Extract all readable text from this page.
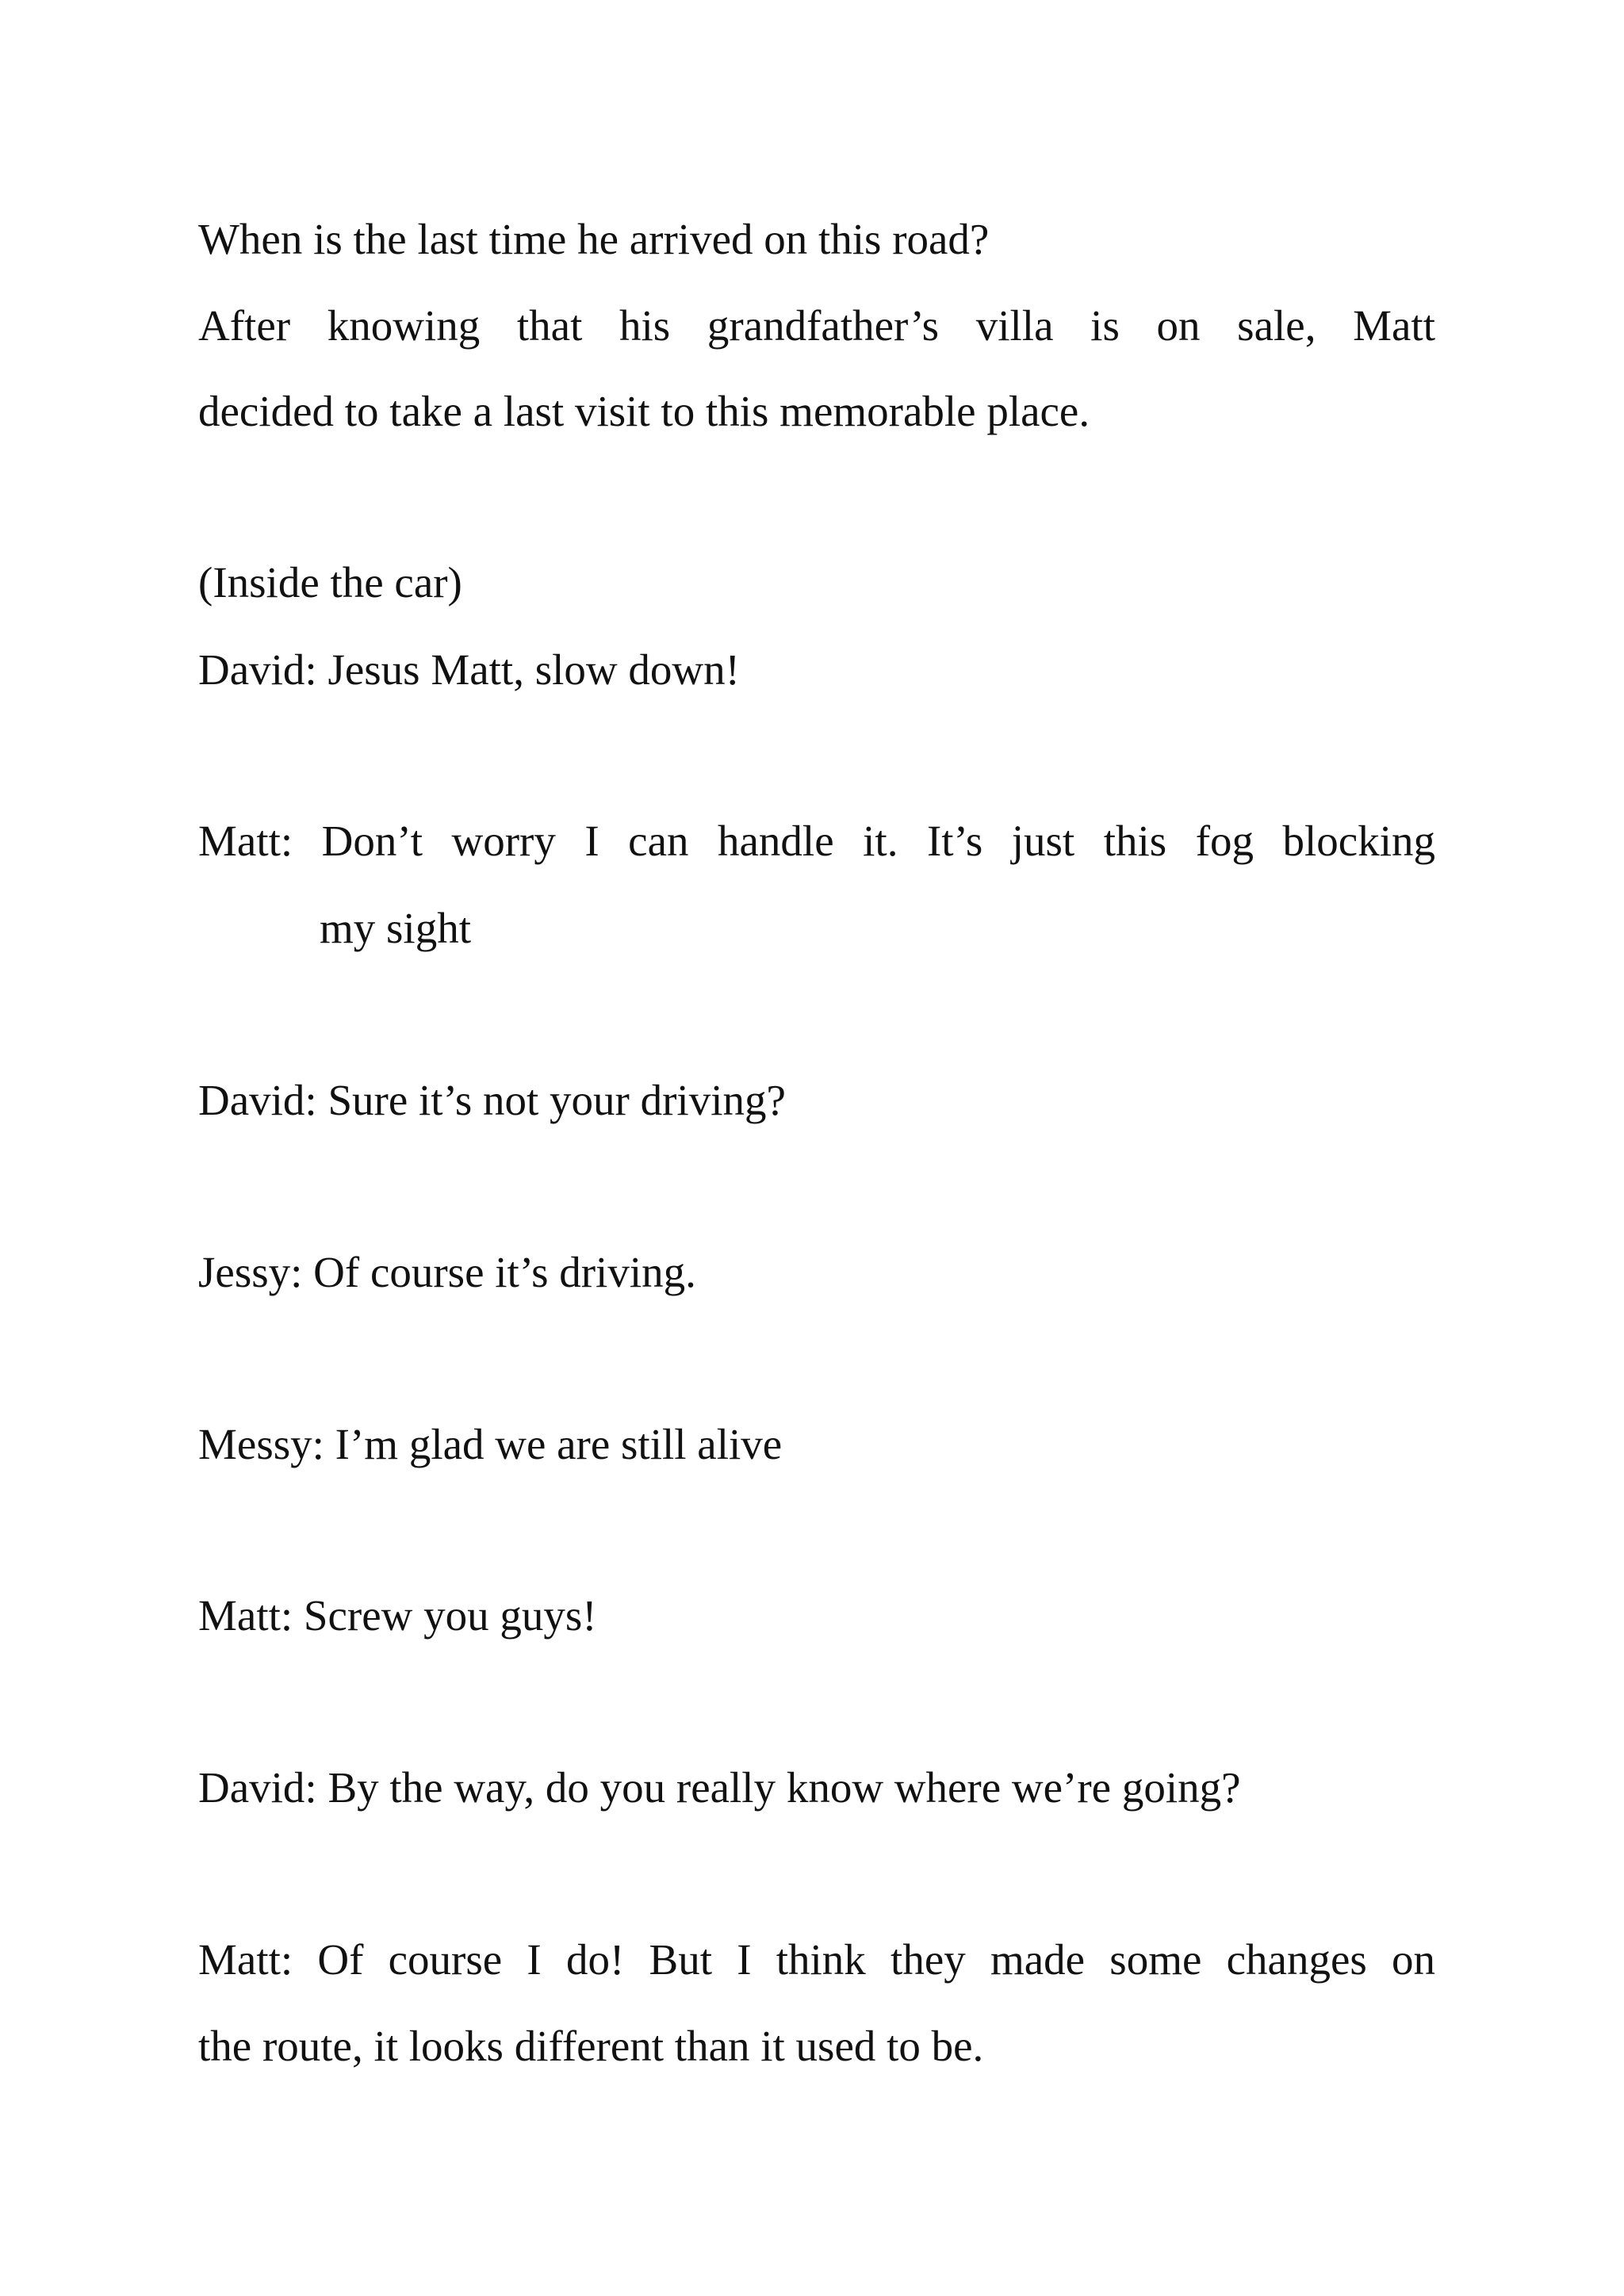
When is the last time he arrived on this road?
After knowing that his grandfather’s villa is on sale, Matt
decided to take a last visit to this memorable place.
(Inside the car)
David: Jesus Matt, slow down!
Matt: Don’t worry I can handle it. It’s just this fog blocking
my sight
David: Sure it’s not your driving?
Jessy: Of course it’s driving.
Messy: I’m glad we are still alive
Matt: Screw you guys!
David: By the way, do you really know where we’re going?
Matt: Of course I do! But I think they made some changes on
the route, it looks different than it used to be.
